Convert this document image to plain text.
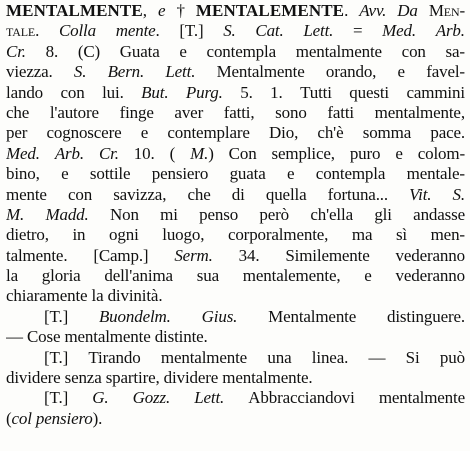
MENTALMENTE, e † MENTALEMENTE. Avv. Da Men-
tale. Colla mente. [T.] S. Cat. Lett. = Med. Arb.
Cr. 8. (C) Guata e contempla mentalmente con sa-
viezza. S. Bern. Lett. Mentalmente orando, e favel-
lando con lui. But. Purg. 5. 1. Tutti questi cammini
che l'autore finge aver fatti, sono fatti mentalmente,
per cognoscere e contemplare Dio, ch'è somma pace.
Med. Arb. Cr. 10. ( M.) Con semplice, puro e colom-
bino, e sottile pensiero guata e contempla mentale-
mente con savizza, che di quella fortuna... Vit. S.
M. Madd. Non mi penso però ch'ella gli andasse
dietro, in ogni luogo, corporalmente, ma sì men-
talmente. [Camp.] Serm. 34. Similemente vederanno
la gloria dell'anima sua mentalemente, e vederanno
chiaramente la divinità.
[T.] Buondelm. Gius. Mentalmente distinguere.
— Cose mentalmente distinte.
[T.] Tirando mentalmente una linea. — Si può
dividere senza spartire, dividere mentalmente.
[T.] G. Gozz. Lett. Abbracciandovi mentalmente
(col pensiero).
